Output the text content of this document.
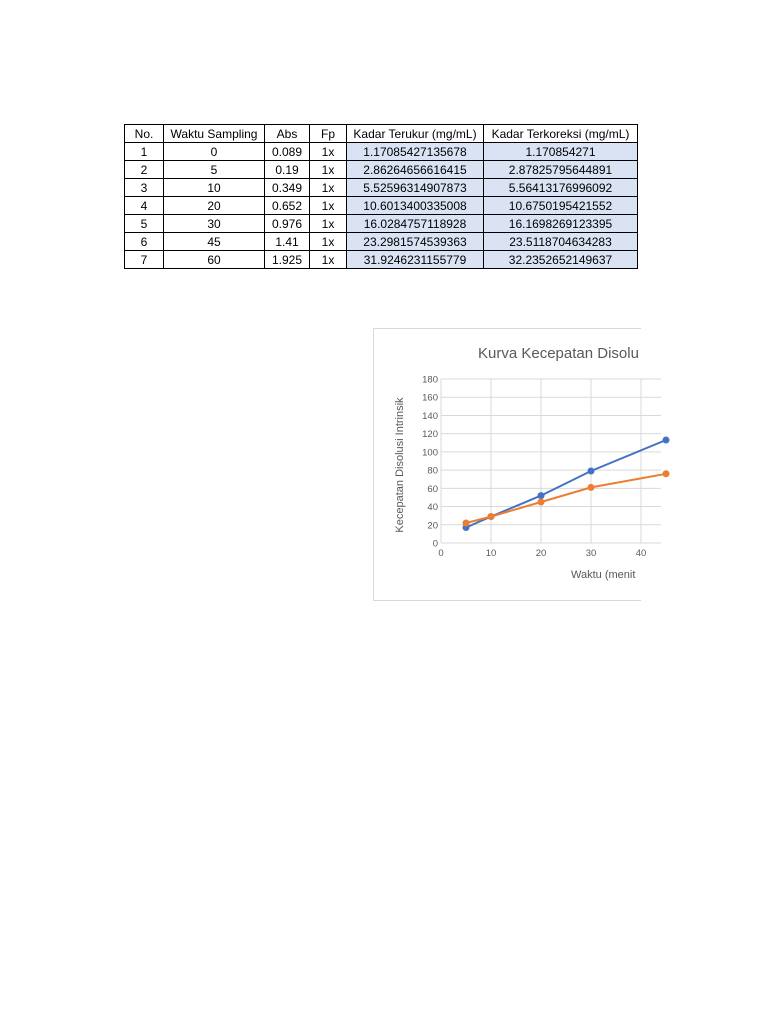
No.	Waktu Sampling	Abs	Fp	Kadar Terukur (mg/mL)	Kadar Terkoreksi (mg/mL)
1	0	0.089	1x	1.17085427135678	1.170854271
2	5	0.19	1x	2.86264656616415	2.87825795644891
3	10	0.349	1x	5.52596314907873	5.56413176996092
4	20	0.652	1x	10.6013400335008	10.6750195421552
5	30	0.976	1x	16.0284757118928	16.1698269123395
6	45	1.41	1x	23.2981574539363	23.5118704634283
7	60	1.925	1x	31.9246231155779	32.2352652149637
Kurva Kecepatan Disolu
Waktu (menit
Kecepatan Disolusi Intrinsik
0
20
40
60
80
100
120
140
160
180
0	10	20	30	40
